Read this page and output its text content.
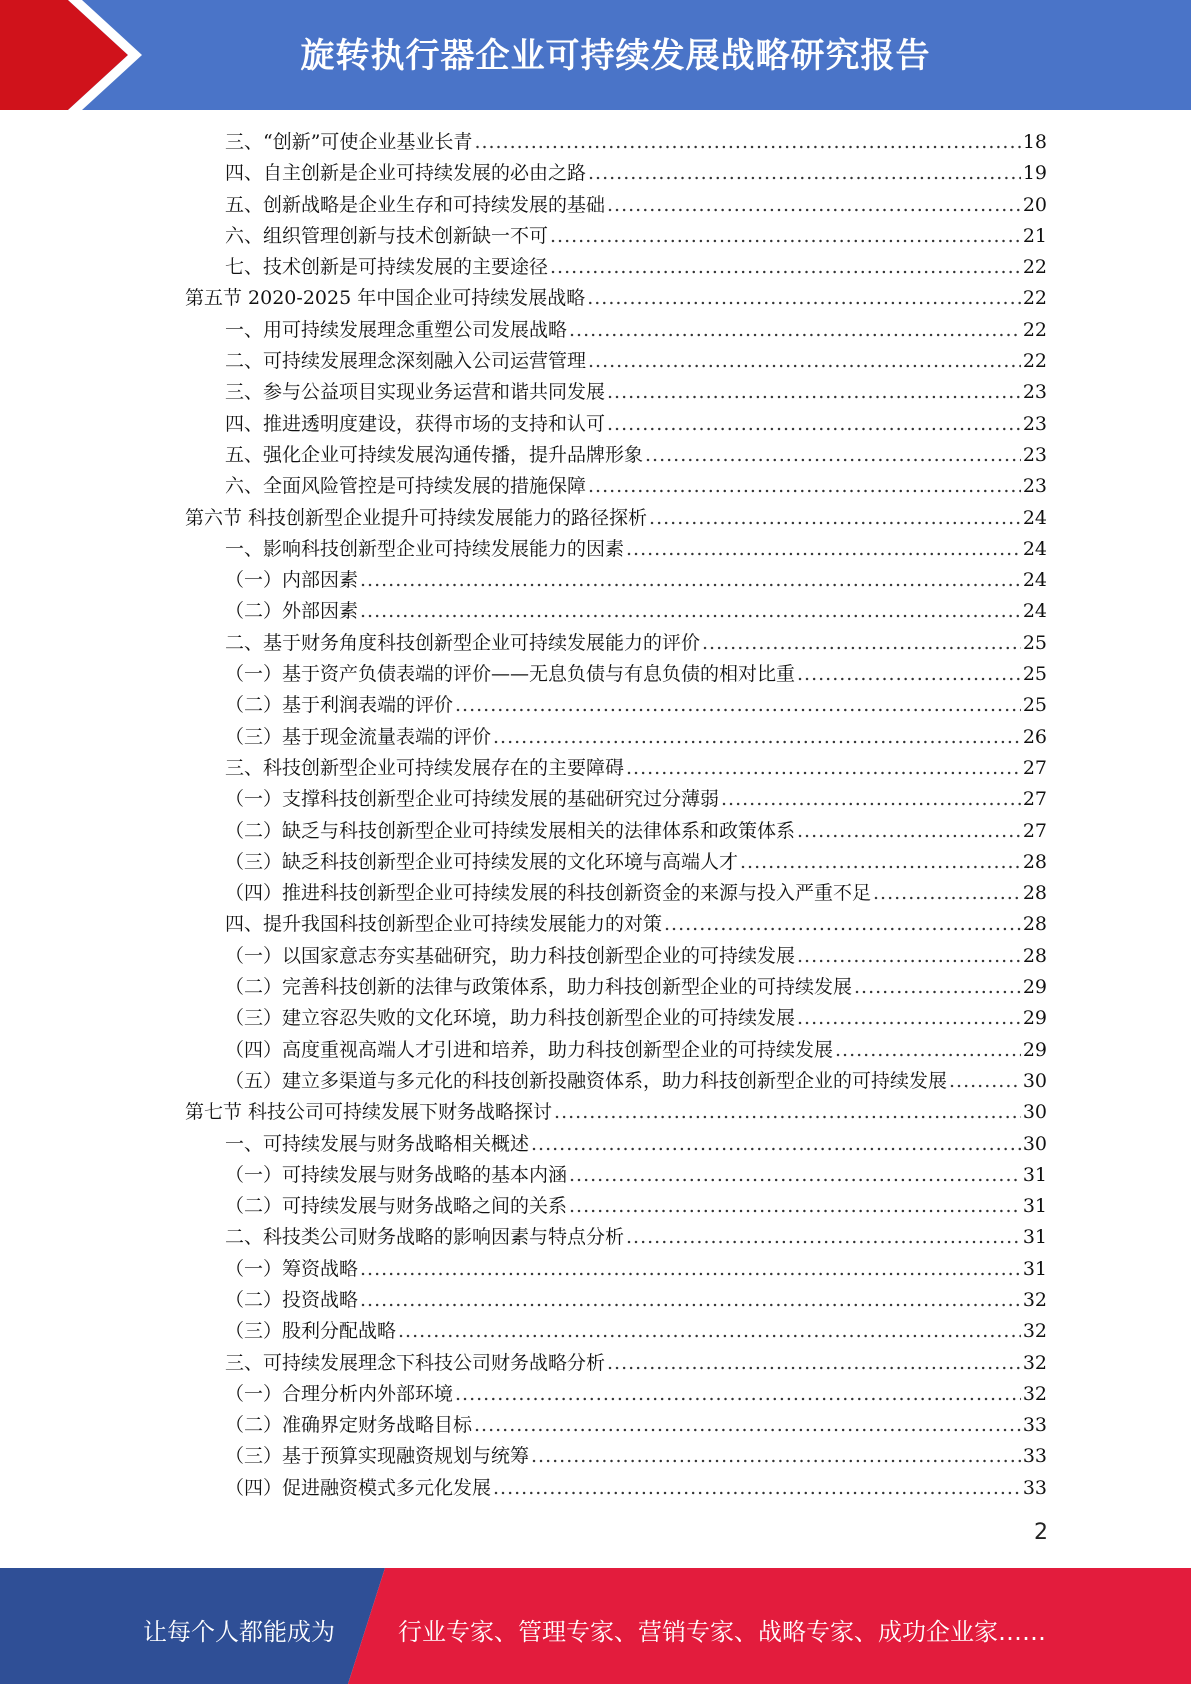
旋转执行器企业可持续发展战略研究报告
三、“创新”可使企业基业长青 .....	18
四、自主创新是企业可持续发展的必由之路 .....	19
五、创新战略是企业生存和可持续发展的基础 .....	20
六、组织管理创新与技术创新缺一不可 .....	21
七、技术创新是可持续发展的主要途径 .....	22
第五节 2020-2025 年中国企业可持续发展战略 .....	22
一、用可持续发展理念重塑公司发展战略 .....	22
二、可持续发展理念深刻融入公司运营管理 .....	22
三、参与公益项目实现业务运营和谐共同发展 .....	23
四、推进透明度建设，获得市场的支持和认可 .....	23
五、强化企业可持续发展沟通传播，提升品牌形象 .....	23
六、全面风险管控是可持续发展的措施保障 .....	23
第六节 科技创新型企业提升可持续发展能力的路径探析 .....	24
一、影响科技创新型企业可持续发展能力的因素 .....	24
（一）内部因素 .....	24
（二）外部因素 .....	24
二、基于财务角度科技创新型企业可持续发展能力的评价 .....	25
（一）基于资产负债表端的评价——无息负债与有息负债的相对比重 .....	25
（二）基于利润表端的评价 .....	25
（三）基于现金流量表端的评价 .....	26
三、科技创新型企业可持续发展存在的主要障碍 .....	27
（一）支撑科技创新型企业可持续发展的基础研究过分薄弱 .....	27
（二）缺乏与科技创新型企业可持续发展相关的法律体系和政策体系 .....	27
（三）缺乏科技创新型企业可持续发展的文化环境与高端人才 .....	28
（四）推进科技创新型企业可持续发展的科技创新资金的来源与投入严重不足 .....	28
四、提升我国科技创新型企业可持续发展能力的对策 .....	28
（一）以国家意志夯实基础研究，助力科技创新型企业的可持续发展 .....	28
（二）完善科技创新的法律与政策体系，助力科技创新型企业的可持续发展 .....	29
（三）建立容忍失败的文化环境，助力科技创新型企业的可持续发展 .....	29
（四）高度重视高端人才引进和培养，助力科技创新型企业的可持续发展 .....	29
（五）建立多渠道与多元化的科技创新投融资体系，助力科技创新型企业的可持续发展 .....	30
第七节 科技公司可持续发展下财务战略探讨 .....	30
一、可持续发展与财务战略相关概述 .....	30
（一）可持续发展与财务战略的基本内涵 .....	31
（二）可持续发展与财务战略之间的关系 .....	31
二、科技类公司财务战略的影响因素与特点分析 .....	31
（一）筹资战略 .....	31
（二）投资战略 .....	32
（三）股利分配战略 .....	32
三、可持续发展理念下科技公司财务战略分析 .....	32
（一）合理分析内外部环境 .....	32
（二）准确界定财务战略目标 .....	33
（三）基于预算实现融资规划与统筹 .....	33
（四）促进融资模式多元化发展 .....	33
2
让每个人都能成为	行业专家、管理专家、营销专家、战略专家、成功企业家……
